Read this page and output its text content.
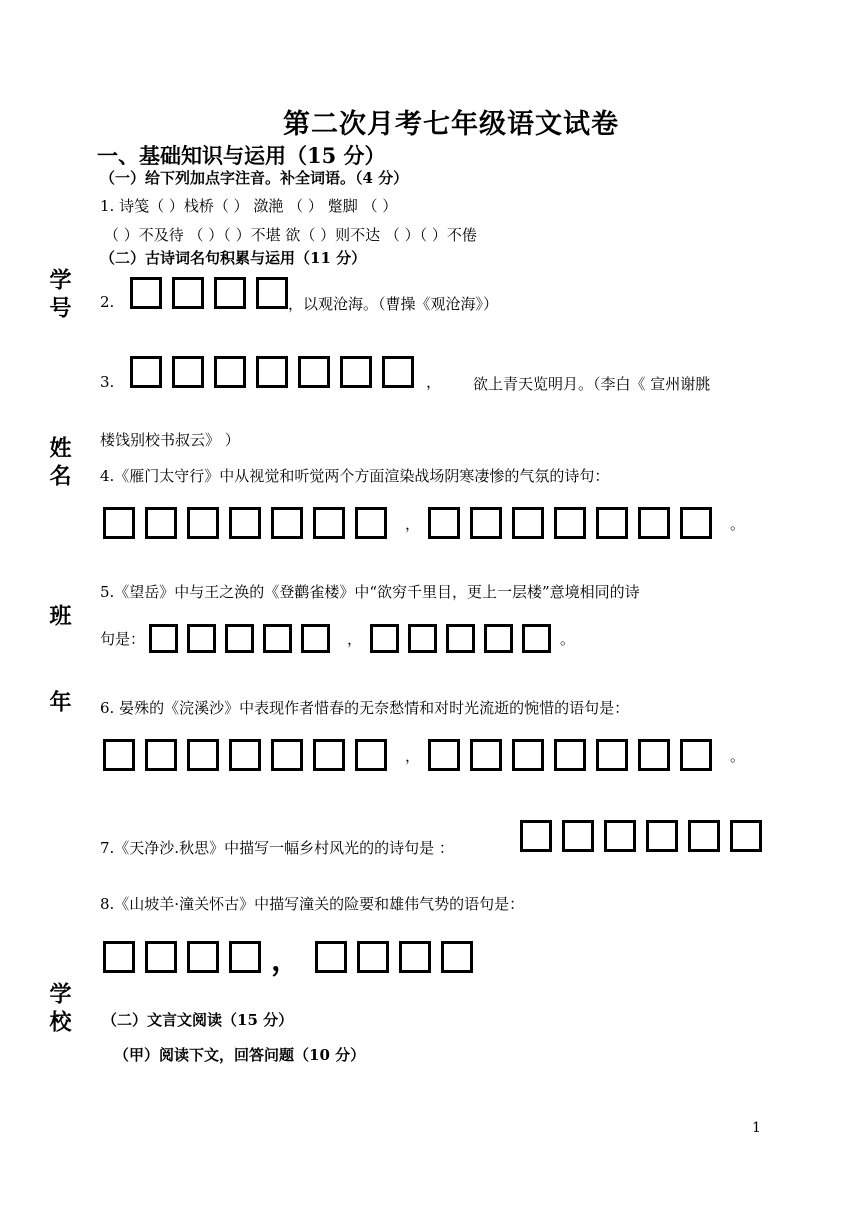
学号
姓名
班
年
学校
第二次月考七年级语文试卷
一、基础知识与运用（15 分）
（一）给下列加点字注音。补全词语。（4 分）
1. 诗笺（ ）栈桥（ ） 潋滟 （ ） 蹩脚 （ ）
（ ）不及待 （ ）（ ）不堪 欲（ ）则不达 （ ）（ ）不倦
（二）古诗词名句积累与运用（11 分）
2.	，以观沧海。（曹操《观沧海》）
3.	， 欲上青天览明月。（李白《 宣州谢朓
楼饯别校书叔云》 ）
4.《雁门太守行》中从视觉和听觉两个方面渲染战场阴寒凄惨的气氛的诗句：
，	。
5.《望岳》中与王之涣的《登鹳雀楼》中“欲穷千里目，更上一层楼”意境相同的诗
句是：	，	。
6. 晏殊的《浣溪沙》中表现作者惜春的无奈愁情和对时光流逝的惋惜的语句是：
，	。
7.《天净沙.秋思》中描写一幅乡村风光的的诗句是 ：
8.《山坡羊·潼关怀古》中描写潼关的险要和雄伟气势的语句是：
，
（二）文言文阅读（15 分）
（甲）阅读下文，回答问题（10 分）
1
